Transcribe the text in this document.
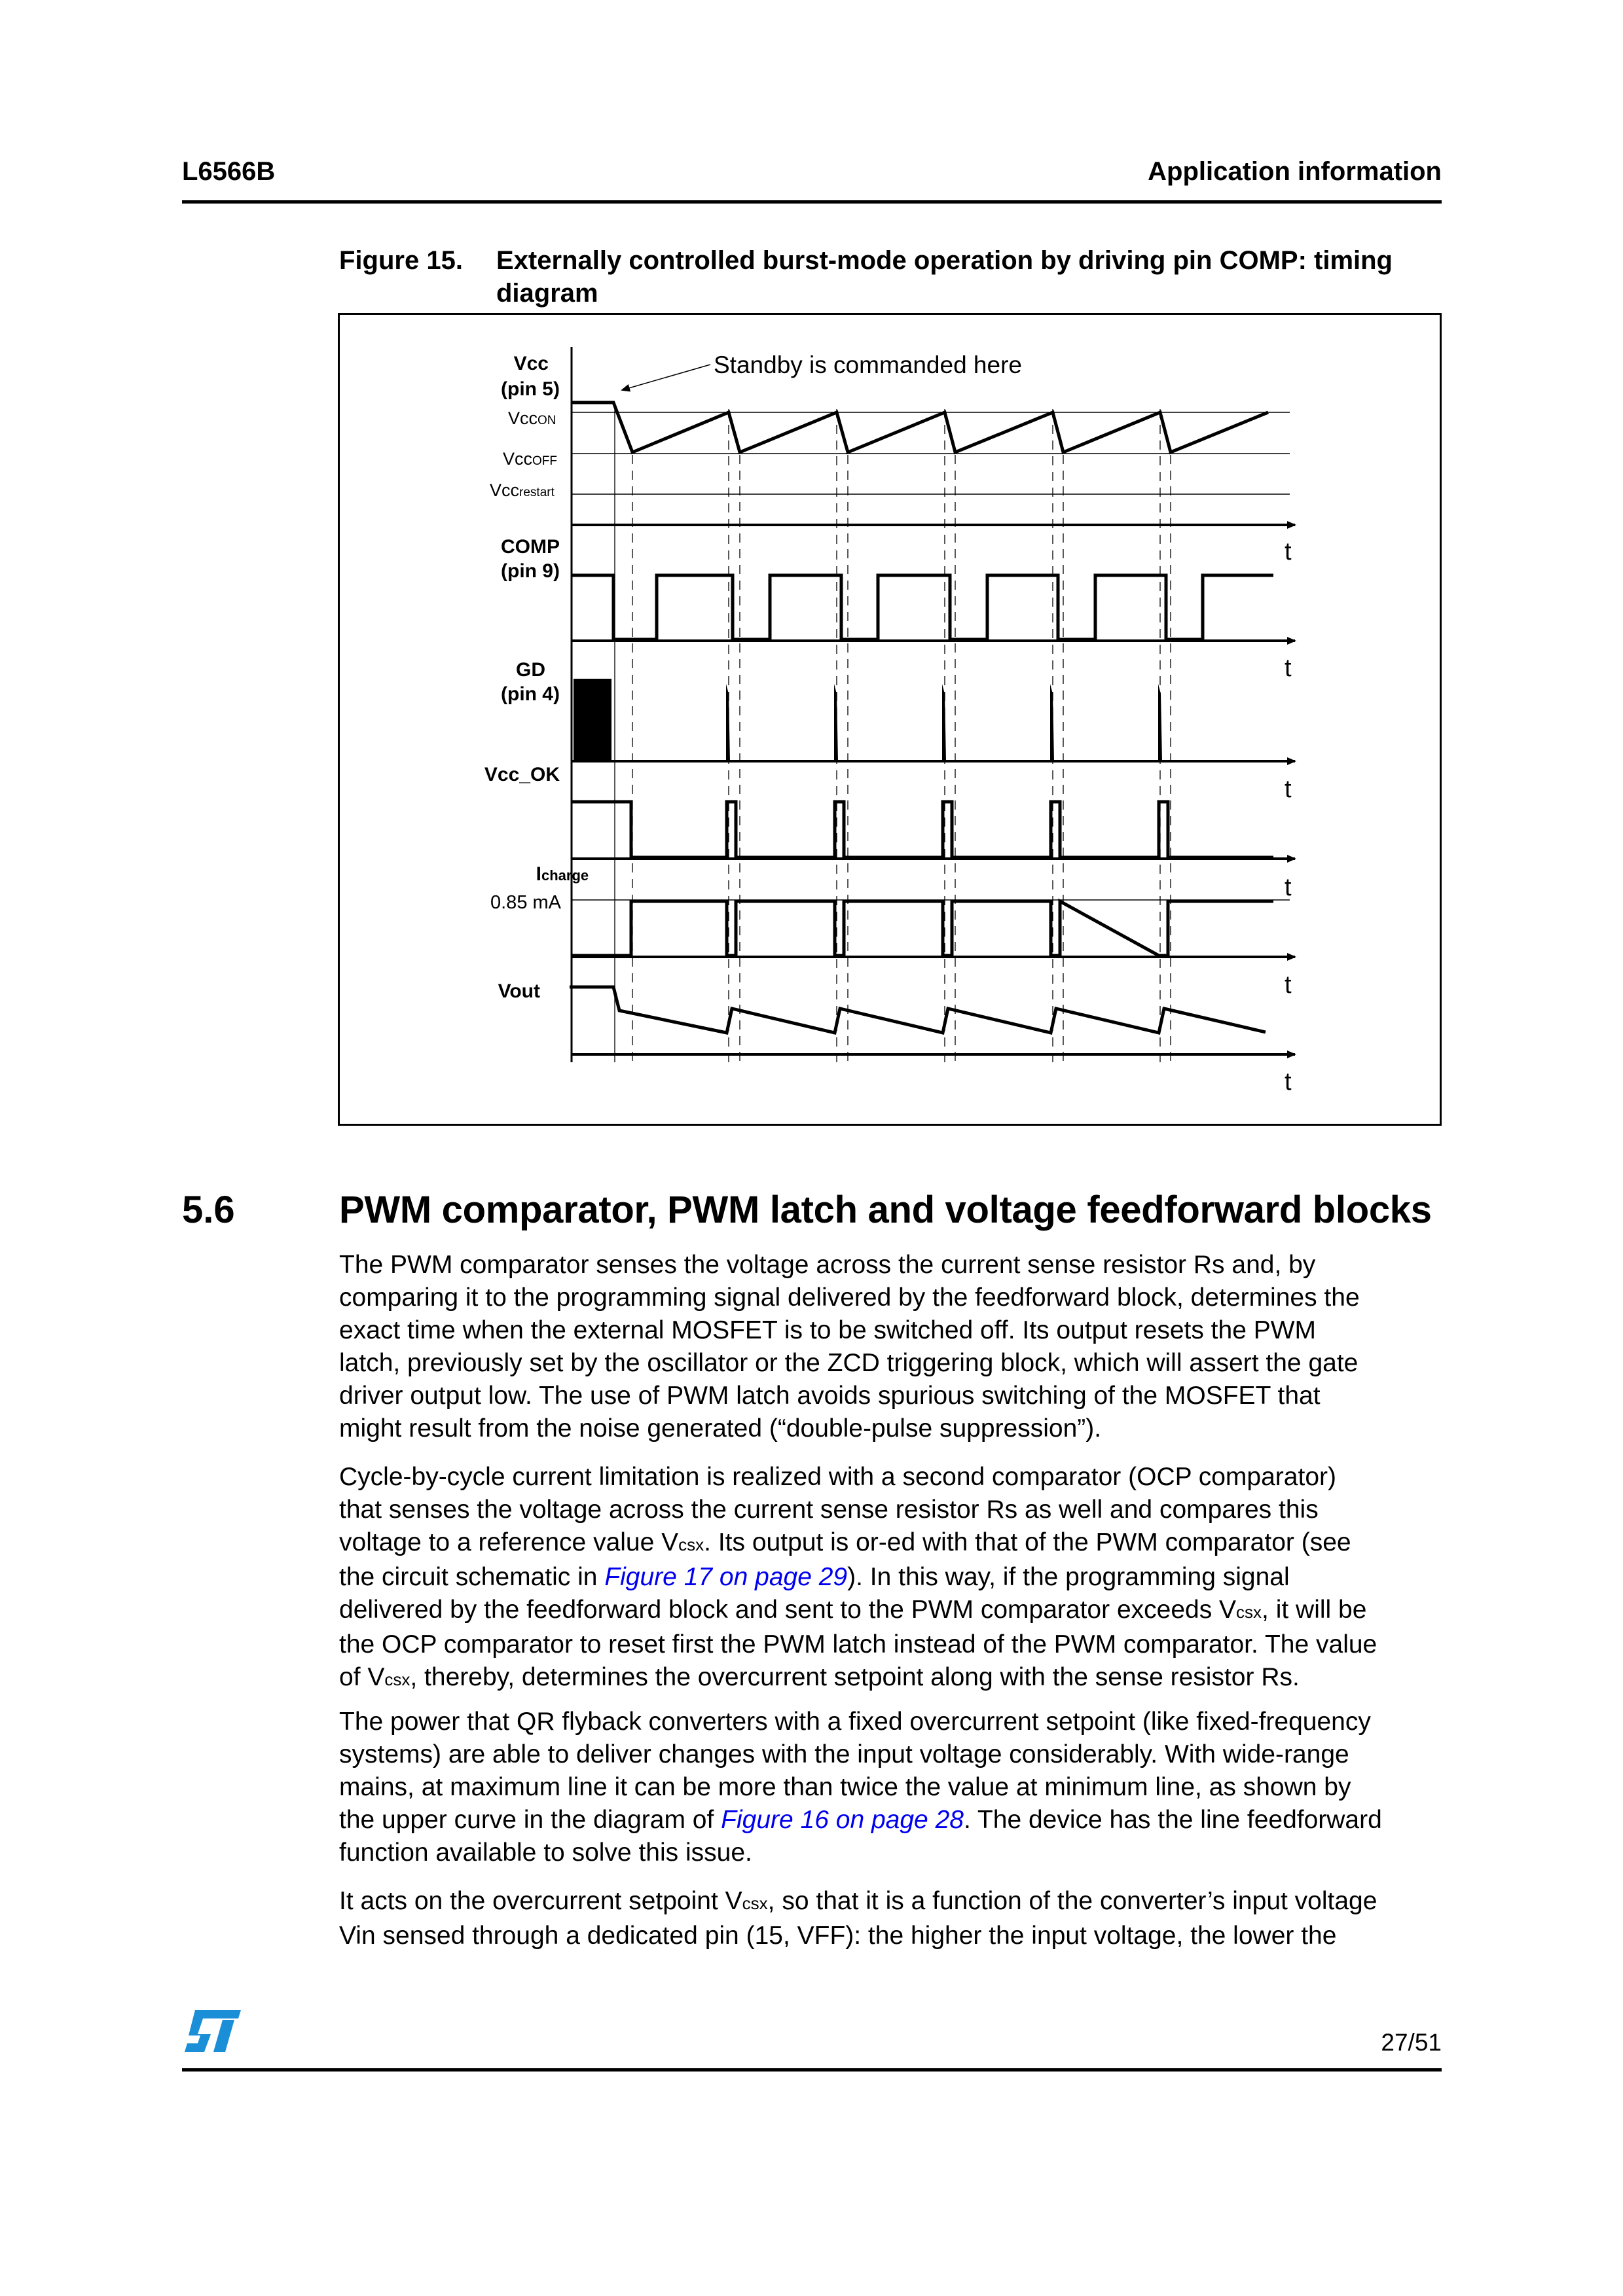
L6566B	Application information
Figure 15. Externally controlled burst-mode operation by driving pin COMP: timing
diagram
Standby is commanded here
t
t
t
t
t
t
Vcc
(pin 5)
COMP
(pin 9)
GD
(pin 4)
Vcc_OK
Vout
I charge
VccON
VccOFF
Vccrestart
0.85 mA
5.6	PWM comparator, PWM latch and voltage feedforward blocks
The PWM comparator senses the voltage across the current sense resistor Rs and, by
comparing it to the programming signal delivered by the feedforward block, determines the
exact time when the external MOSFET is to be switched off. Its output resets the PWM
latch, previously set by the oscillator or the ZCD triggering block, which will assert the gate
driver output low. The use of PWM latch avoids spurious switching of the MOSFET that
might result from the noise generated (“double-pulse suppression”).
Cycle-by-cycle current limitation is realized with a second comparator (OCP comparator)
that senses the voltage across the current sense resistor Rs as well and compares this
voltage to a reference value Vcsx. Its output is or-ed with that of the PWM comparator (see
the circuit schematic in Figure 17 on page 29). In this way, if the programming signal
delivered by the feedforward block and sent to the PWM comparator exceeds Vcsx, it will be
the OCP comparator to reset first the PWM latch instead of the PWM comparator. The value
of Vcsx, thereby, determines the overcurrent setpoint along with the sense resistor Rs.
The power that QR flyback converters with a fixed overcurrent setpoint (like fixed-frequency
systems) are able to deliver changes with the input voltage considerably. With wide-range
mains, at maximum line it can be more than twice the value at minimum line, as shown by
the upper curve in the diagram of Figure 16 on page 28. The device has the line feedforward
function available to solve this issue.
It acts on the overcurrent setpoint Vcsx, so that it is a function of the converter’s input voltage
Vin sensed through a dedicated pin (15, VFF): the higher the input voltage, the lower the
27/51
